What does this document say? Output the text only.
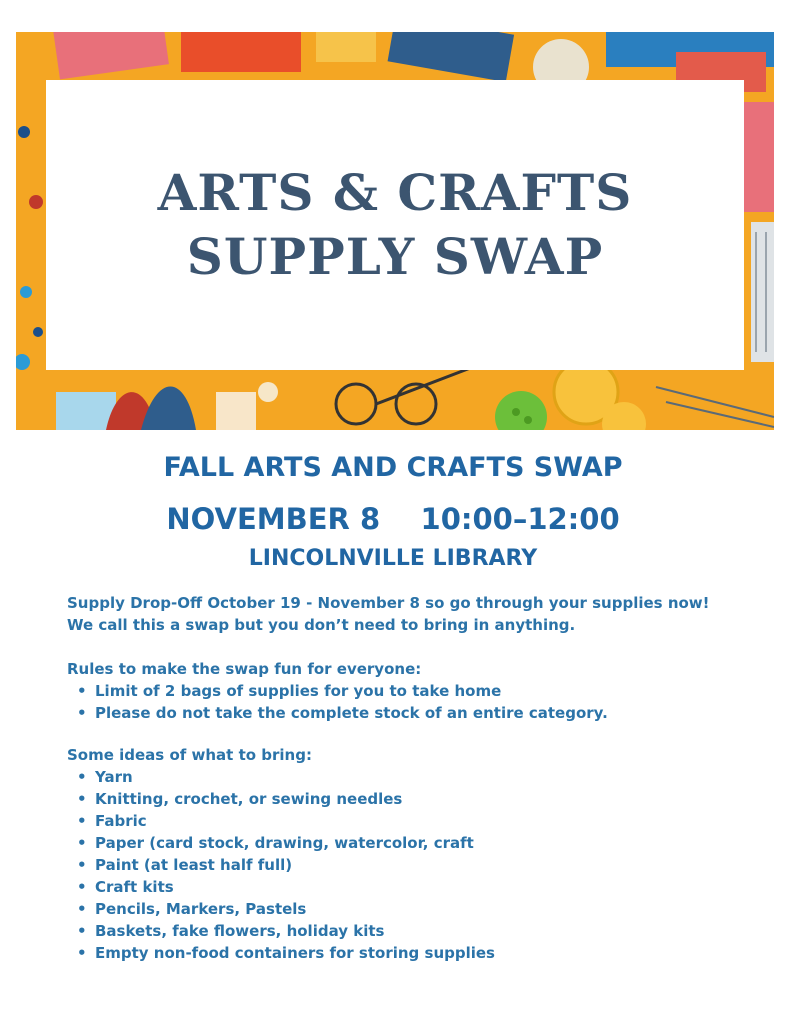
ARTS & CRAFTS
SUPPLY SWAP
FALL ARTS AND CRAFTS SWAP
NOVEMBER 8    10:00–12:00
LINCOLNVILLE LIBRARY

Supply Drop-Off October 19 - November 8 so go through your supplies now!

We call this a swap but you don’t need to bring in anything.

Rules to make the swap fun for everyone:
• Limit of 2 bags of supplies for you to take home
• Please do not take the complete stock of an entire category.
Some ideas of what to bring:
• Yarn
• Knitting, crochet, or sewing needles
• Fabric
• Paper (card stock, drawing, watercolor, craft
• Paint (at least half full)
• Craft kits
• Pencils, Markers, Pastels
• Baskets, fake flowers, holiday kits
• Empty non-food containers for storing supplies
